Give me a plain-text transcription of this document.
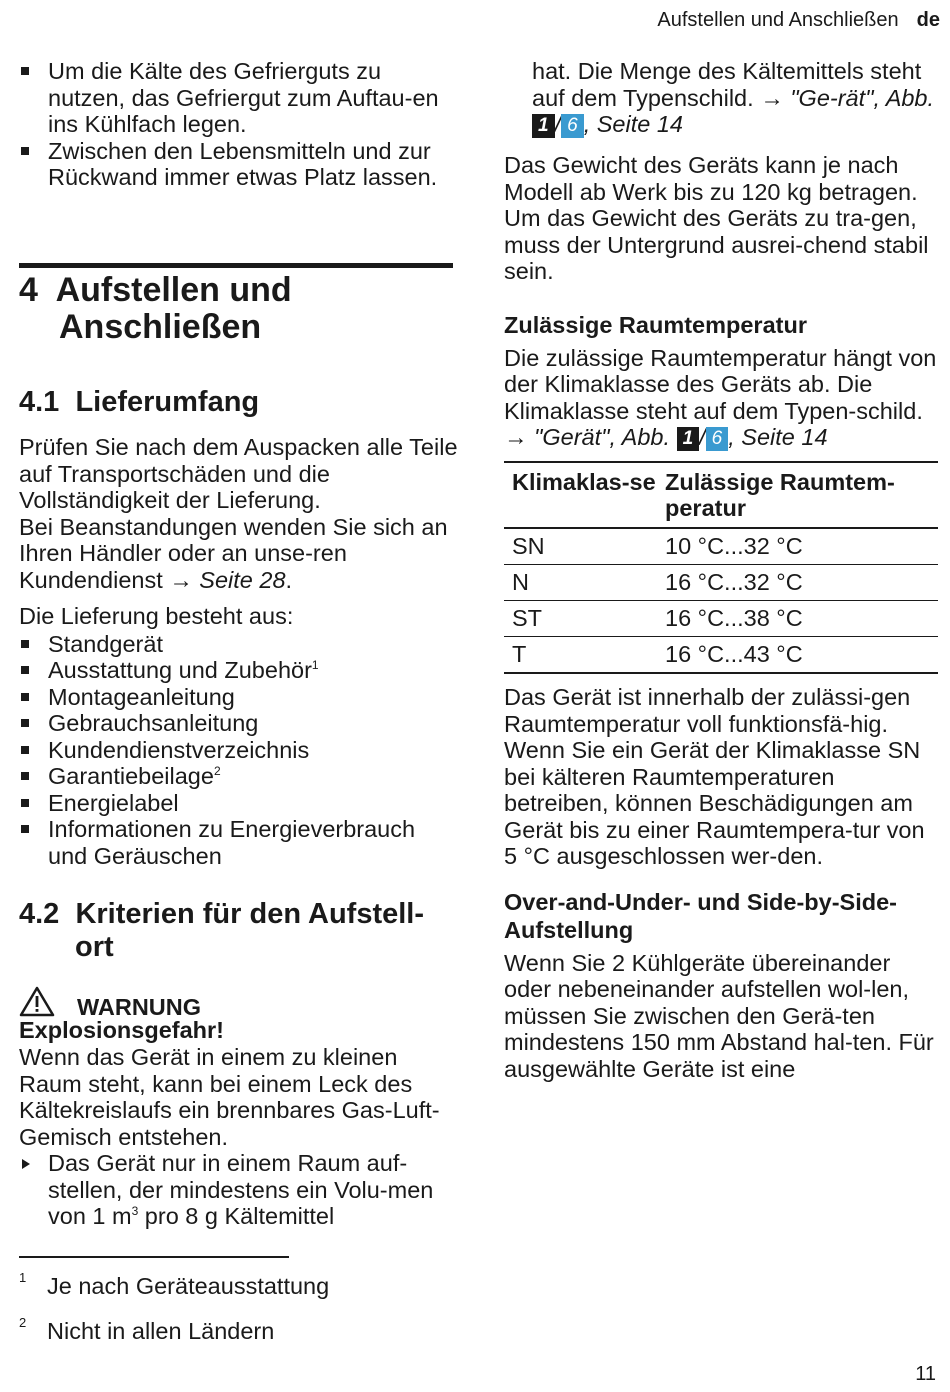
Aufstellen und Anschließen de
Um die Kälte des Gefrierguts zu nutzen, das Gefriergut zum Auftau-en ins Kühlfach legen.
Zwischen den Lebensmitteln und zur Rückwand immer etwas Platz lassen.
4 Aufstellen und
Anschließen
4.1 Lieferumfang

Prüfen Sie nach dem Auspacken alle Teile auf Transportschäden und die Vollständigkeit der Lieferung.

Bei Beanstandungen wenden Sie sich an Ihren Händler oder an unse-ren Kundendienst → Seite 28.

Die Lieferung besteht aus:

Standgerät
Ausstattung und Zubehör$^1$
Montageanleitung
Gebrauchsanleitung
Kundendienstverzeichnis
Garantiebeilage$^2$
Energielabel
Informationen zu Energieverbrauch und Geräuschen
4.2 Kriterien für den Aufstell-
ort
WARNUNG
Explosionsgefahr!

Wenn das Gerät in einem zu kleinen Raum steht, kann bei einem Leck des Kältekreislaufs ein brennbares Gas-Luft-Gemisch entstehen.

Das Gerät nur in einem Raum auf-stellen, der mindestens ein Volu-men von 1 $m^3$ pro 8 g Kältemittel

1 Je nach Geräteausstattung
2 Nicht in allen Ländern

hat. Die Menge des Kältemittels steht auf dem Typenschild. → "Ge-rät", Abb. 1 / 6 , Seite 14

Das Gewicht des Geräts kann je nach Modell ab Werk bis zu 120 kg betragen.

Um das Gewicht des Geräts zu tra-gen, muss der Untergrund ausrei-chend stabil sein.

Zulässige Raumtemperatur

Die zulässige Raumtemperatur hängt von der Klimaklasse des Geräts ab. Die Klimaklasse steht auf dem Typen-schild. → "Gerät", Abb. 1 / 6 , Seite 14

Klimaklas-se	Zulässige Raumtem-peratur
SN	10 °C...32 °C
N	16 °C...32 °C
ST	16 °C...38 °C
T	16 °C...43 °C

Das Gerät ist innerhalb der zulässi-gen Raumtemperatur voll funktionsfä-hig.

Wenn Sie ein Gerät der Klimaklasse SN bei kälteren Raumtemperaturen betreiben, können Beschädigungen am Gerät bis zu einer Raumtempera-tur von 5 °C ausgeschlossen wer-den.

Over-and-Under- und Side-by-Side-Aufstellung

Wenn Sie 2 Kühlgeräte übereinander oder nebeneinander aufstellen wol-len, müssen Sie zwischen den Gerä-ten mindestens 150 mm Abstand hal-ten. Für ausgewählte Geräte ist eine

11
